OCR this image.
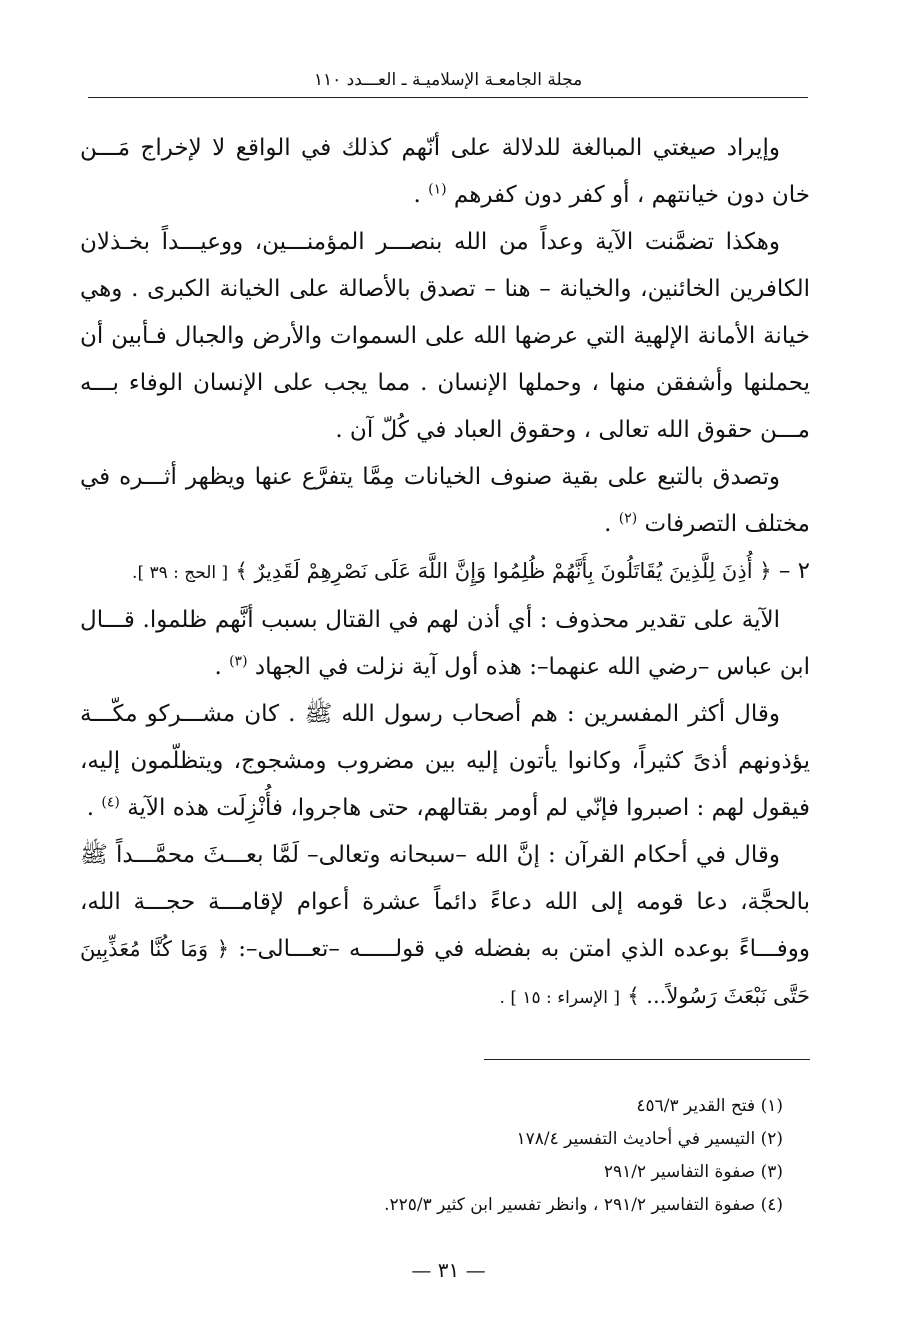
مجلة الجامعـة الإسلاميـة ـ العـــدد ١١٠

وإيراد صيغتي المبالغة للدلالة على أنّهم كذلك في الواقع لا لإخراج مَـــن خان دون خيانتهم ، أو كفر دون كفرهم $^{(١)}$ .

وهكذا تضمَّنت الآية وعداً من الله بنصـــر المؤمنـــين، ووعيـــداً بخـذلان الكافرين الخائنين، والخيانة – هنا – تصدق بالأصالة على الخيانة الكبرى . وهي خيانة الأمانة الإلهية التي عرضها الله على السموات والأرض والجبال فـأبين أن يحملنها وأشفقن منها ، وحملها الإنسان . مما يجب على الإنسان الوفاء بـــه مـــن حقوق الله تعالى ، وحقوق العباد في كُلّ آن .

وتصدق بالتبع على بقية صنوف الخيانات مِمَّا يتفرَّع عنها ويظهر أثـــره في مختلف التصرفات $^{(٢)}$ .

٢ – ﴿ أُذِنَ لِلَّذِينَ يُقَاتَلُونَ بِأَنَّهُمْ ظُلِمُوا وَإِنَّ اللَّهَ عَلَى نَصْرِهِمْ لَقَدِيرٌ ﴾ [ الحج : ٣٩ ].

الآية على تقدير محذوف : أي أذن لهم في القتال بسبب أنَّهم ظلموا. قـــال ابن عباس –رضي الله عنهما–: هذه أول آية نزلت في الجهاد $^{(٣)}$ .

وقال أكثر المفسرين : هم أصحاب رسول الله ﷺ . كان مشـــركو مكّـــة يؤذونهم أذىً كثيراً، وكانوا يأتون إليه بين مضروب ومشجوج، ويتظلّمون إليه، فيقول لهم : اصبروا فإنّي لم أومر بقتالهم، حتى هاجروا، فأُنْزِلَت هذه الآية $^{(٤)}$ .

وقال في أحكام القرآن : إنَّ الله –سبحانه وتعالى– لَمَّا بعـــثَ محمَّـــداً ﷺ بالحجَّة، دعا قومه إلى الله دعاءً دائماً عشرة أعوام لإقامـــة حجـــة الله، ووفـــاءً بوعده الذي امتن به بفضله في قولـــــه –تعـــالى–: ﴿ وَمَا كُنَّا مُعَذِّبِينَ حَتَّى نَبْعَثَ رَسُولاً... ﴾ [ الإسراء : ١٥ ] .

(١) فتح القدير ٤٥٦/٣

(٢) التيسير في أحاديث التفسير ١٧٨/٤

(٣) صفوة التفاسير ٢٩١/٢

(٤) صفوة التفاسير ٢٩١/٢ ، وانظر تفسير ابن كثير ٢٢٥/٣.

— ٣١ —
